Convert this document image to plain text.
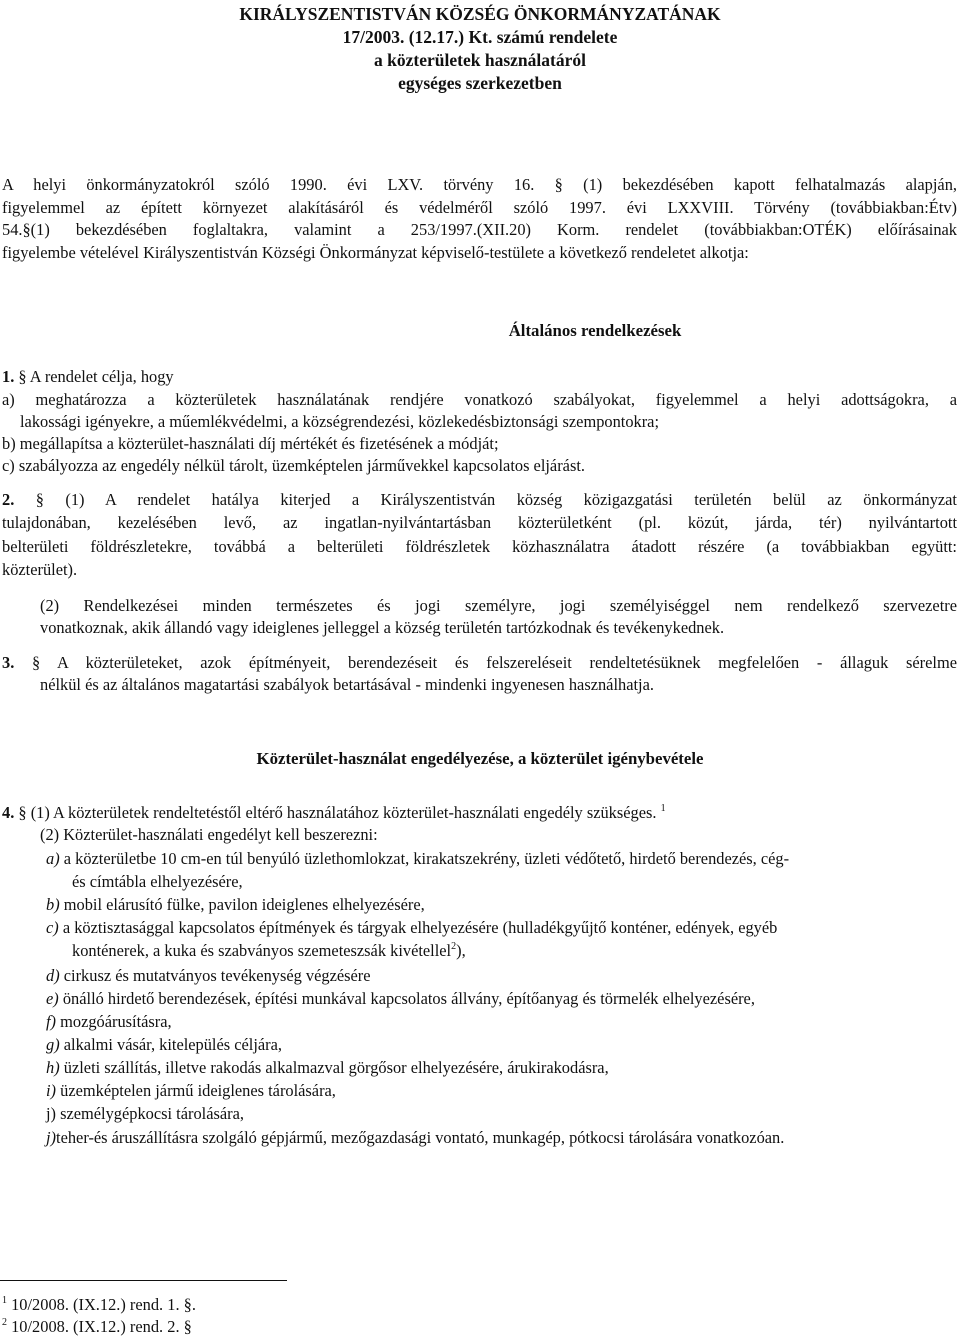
KIRÁLYSZENTISTVÁN KÖZSÉG ÖNKORMÁNYZATÁNAK
17/2003. (12.17.) Kt. számú rendelete
a közterületek használatáról
egységes szerkezetben
A helyi önkormányzatokról szóló 1990. évi LXV. törvény 16. § (1) bekezdésében kapott felhatalmazás alapján,
figyelemmel az épített környezet alakításáról és védelméről szóló 1997. évi LXXVIII. Törvény (továbbiakban:Étv)
54.§(1) bekezdésében foglaltakra, valamint a 253/1997.(XII.20) Korm. rendelet (továbbiakban:OTÉK) előírásainak
figyelembe vételével Királyszentistván Községi Önkormányzat képviselő-testülete a következő rendeletet alkotja:
Általános rendelkezések
1. § A rendelet célja, hogy
a) meghatározza a közterületek használatának rendjére vonatkozó szabályokat, figyelemmel a helyi adottságokra, a
lakossági igényekre, a műemlékvédelmi, a községrendezési, közlekedésbiztonsági szempontokra;
b) megállapítsa a közterület-használati díj mértékét és fizetésének a módját;
c) szabályozza az engedély nélkül tárolt, üzemképtelen járművekkel kapcsolatos eljárást.
2. § (1) A rendelet hatálya kiterjed a Királyszentistván község közigazgatási területén belül az önkormányzat
tulajdonában, kezelésében levő, az ingatlan-nyilvántartásban közterületként (pl. közút, járda, tér) nyilvántartott
belterületi földrészletekre, továbbá a belterületi földrészletek közhasználatra átadott részére (a továbbiakban együtt:
közterület).
(2) Rendelkezései minden természetes és jogi személyre, jogi személyiséggel nem rendelkező szervezetre
vonatkoznak, akik állandó vagy ideiglenes jelleggel a község területén tartózkodnak és tevékenykednek.
3. § A közterületeket, azok építményeit, berendezéseit és felszereléseit rendeltetésüknek megfelelően - állaguk sérelme
nélkül és az általános magatartási szabályok betartásával - mindenki ingyenesen használhatja.
Közterület-használat engedélyezése, a közterület igénybevétele
4. § (1) A közterületek rendeltetéstől eltérő használatához közterület-használati engedély szükséges. $^1$
(2) Közterület-használati engedélyt kell beszerezni:
a) a közterületbe 10 cm-en túl benyúló üzlethomlokzat, kirakatszekrény, üzleti védőtető, hirdető berendezés, cég-
és címtábla elhelyezésére,
b) mobil elárusító fülke, pavilon ideiglenes elhelyezésére,
c) a köztisztasággal kapcsolatos építmények és tárgyak elhelyezésére (hulladékgyűjtő konténer, edények, egyéb
konténerek, a kuka és szabványos szemeteszsák kivétellel$^2$),
d) cirkusz és mutatványos tevékenység végzésére
e) önálló hirdető berendezések, építési munkával kapcsolatos állvány, építőanyag és törmelék elhelyezésére,
f) mozgóárusításra,
g) alkalmi vásár, kitelepülés céljára,
h) üzleti szállítás, illetve rakodás alkalmazval görgősor elhelyezésére, árukirakodásra,
i) üzemképtelen jármű ideiglenes tárolására,
j) személygépkocsi tárolására,
j)teher-és áruszállításra szolgáló gépjármű, mezőgazdasági vontató, munkagép, pótkocsi tárolására vonatkozóan.
$^1$ 10/2008. (IX.12.) rend. 1. §.
$^2$ 10/2008. (IX.12.) rend. 2. §
